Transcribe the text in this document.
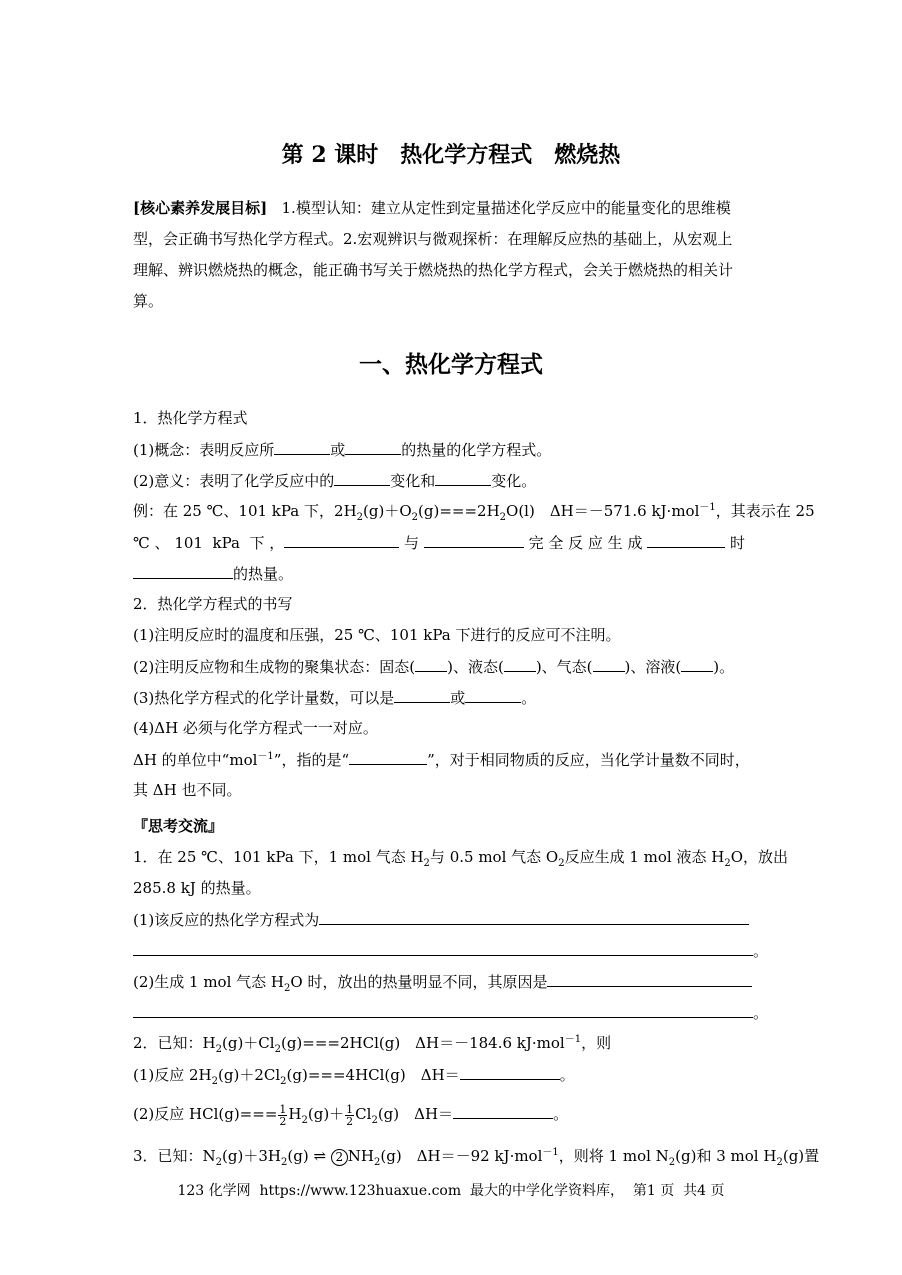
第 2 课时　热化学方程式　燃烧热
[核心素养发展目标] 1.模型认知：建立从定性到定量描述化学反应中的能量变化的思维模
型，会正确书写热化学方程式。2.宏观辨识与微观探析：在理解反应热的基础上，从宏观上
理解、辨识燃烧热的概念，能正确书写关于燃烧热的热化学方程式，会关于燃烧热的相关计
算。
一、热化学方程式
1．热化学方程式
(1)概念：表明反应所	或	的热量的化学方程式。
(2)意义：表明了化学反应中的	变化和	变化。
例：在 25 ℃、101 kPa 下，$2H_2(g)+O_2(g)===2H_2O(l)$　ΔH＝－571.6 kJ·mol$^{-1}$，其表示在 25
℃ 、 101  kPa  下 ，	与	完 全 反 应 生 成	时
的热量。
2．热化学方程式的书写
(1)注明反应时的温度和压强，25 ℃、101 kPa 下进行的反应可不注明。
(2)注明反应物和生成物的聚集状态：固态( )、液态( )、气态( )、溶液( )。
(3)热化学方程式的化学计量数，可以是	或	。
(4)ΔH 必须与化学方程式一一对应。
ΔH 的单位中“mol$^{-1}$”，指的是“	”，对于相同物质的反应，当化学计量数不同时，
其 ΔH 也不同。
『思考交流』
1．在 25 ℃、101 kPa 下，1 mol 气态 $H_2$与 0.5 mol 气态 $O_2$反应生成 1 mol 液态 $H_2O$，放出
285.8 kJ 的热量。
(1)该反应的热化学方程式为
。
(2)生成 1 mol 气态 $H_2O$ 时，放出的热量明显不同，其原因是
。
2．已知：$H_2(g)+Cl_2(g)===2HCl(g)$　ΔH＝－184.6 kJ·mol$^{-1}$，则
(1)反应 $2H_2(g)+2Cl_2(g)===4HCl(g)$　ΔH＝	。
(2)反应 $HCl(g)=== \frac{1}{2} H_2(g)+ \frac{1}{2} Cl_2(g)$　ΔH＝	。
3．已知：$N_2(g)+3H_2(g)$ ⇌ 2 $NH_2(g)$　ΔH＝－92 kJ·mol$^{-1}$，则将 1 mol $N_2(g)$和 3 mol $H_2(g)$置
123 化学网  https://www.123huaxue.com  最大的中学化学资料库，  第1 页  共4 页
